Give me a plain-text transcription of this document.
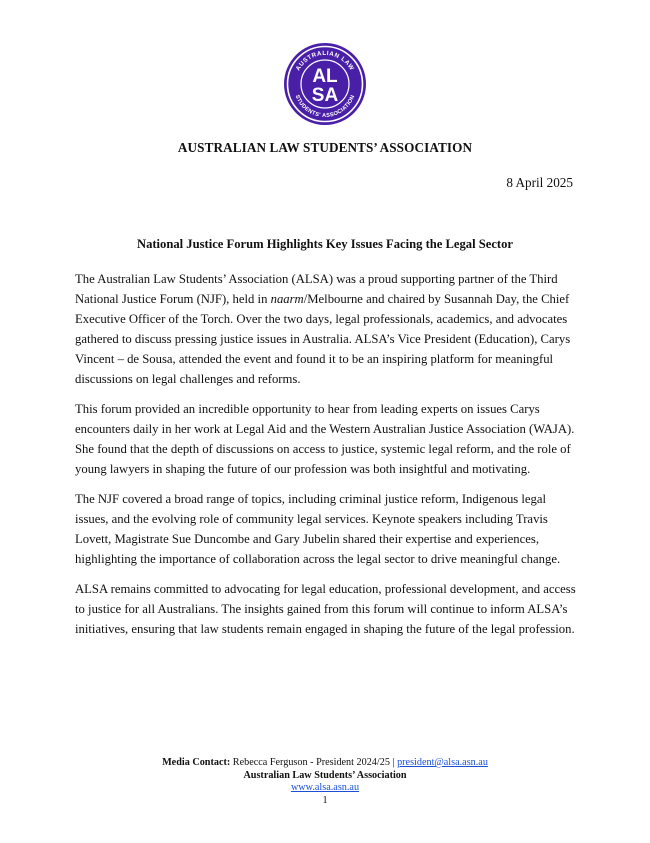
AUSTRALIAN LAW
STUDENTS' ASSOCIATION
AL
SA
AUSTRALIAN LAW STUDENTS’ ASSOCIATION
8 April 2025
National Justice Forum Highlights Key Issues Facing the Legal Sector

The Australian Law Students’ Association (ALSA) was a proud supporting partner of the Third National Justice Forum (NJF), held in naarm/Melbourne and chaired by Susannah Day, the Chief Executive Officer of the Torch. Over the two days, legal professionals, academics, and advocates gathered to discuss pressing justice issues in Australia. ALSA’s Vice President (Education), Carys Vincent – de Sousa, attended the event and found it to be an inspiring platform for meaningful discussions on legal challenges and reforms.

This forum provided an incredible opportunity to hear from leading experts on issues Carys encounters daily in her work at Legal Aid and the Western Australian Justice Association (WAJA). She found that the depth of discussions on access to justice, systemic legal reform, and the role of young lawyers in shaping the future of our profession was both insightful and motivating.

The NJF covered a broad range of topics, including criminal justice reform, Indigenous legal issues, and the evolving role of community legal services. Keynote speakers including Travis Lovett, Magistrate Sue Duncombe and Gary Jubelin shared their expertise and experiences, highlighting the importance of collaboration across the legal sector to drive meaningful change.

ALSA remains committed to advocating for legal education, professional development, and access to justice for all Australians. The insights gained from this forum will continue to inform ALSA’s initiatives, ensuring that law students remain engaged in shaping the future of the legal profession.

Media Contact: Rebecca Ferguson - President 2024/25 | president@alsa.asn.au
Australian Law Students’ Association
www.alsa.asn.au
1
